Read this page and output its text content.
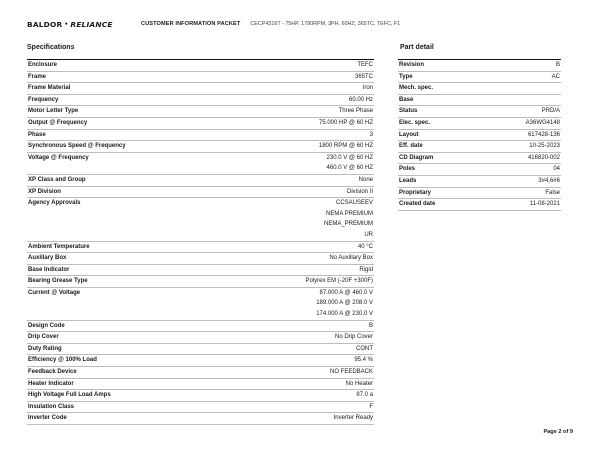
BALDOR • RELIANCE	CUSTOMER INFORMATION PACKET CECP4316T - 75HP, 1780RPM, 3PH, 60HZ, 365TC, TEFC, F1
Specifications
Enclosure	TEFC
Frame	365TC
Frame Material	Iron
Frequency	60.00 Hz
Motor Letter Type	Three Phase
Output @ Frequency	75.000 HP @ 60 HZ
Phase	3
Synchronous Speed @ Frequency	1800 RPM @ 60 HZ
Voltage @ Frequency	230.0 V @ 60 HZ
460.0 V @ 60 HZ
XP Class and Group	None
XP Division	Division II
Agency Approvals	CCSAUSEEV
NEMA PREMIUM
NEMA_PREMIUM
UR
Ambient Temperature	40 °C
Auxillary Box	No Auxillary Box
Base Indicator	Rigid
Bearing Grease Type	Polyrex EM (-20F +300F)
Current @ Voltage	87.000 A @ 460.0 V
189.000 A @ 208.0 V
174.000 A @ 230.0 V
Design Code	B
Drip Cover	No Drip Cover
Duty Rating	CONT
Efficiency @ 100% Load	95.4 %
Feedback Device	NO FEEDBACK
Heater Indicator	No Heater
High Voltage Full Load Amps	87.0 a
Insulation Class	F
Inverter Code	Inverter Ready
Part detail
Revision	B
Type	AC
Mech. spec.
Base
Status	PRD/A
Elec. spec.	A36WG4148
Layout	617428-136
Eff. date	10-25-2023
CD Diagram	416820-002
Poles	04
Leads	3#4,6#6
Proprietary	False
Created date	11-08-2021
Page 2 of 9
